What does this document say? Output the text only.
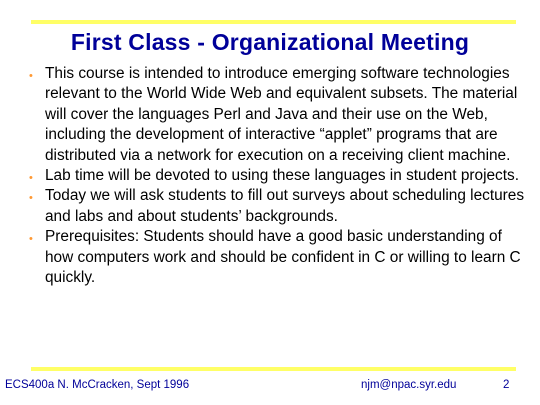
First Class - Organizational Meeting
• This course is intended to introduce emerging software technologies relevant to the World Wide Web and equivalent subsets. The material will cover the languages Perl and Java and their use on the Web, including the development of interactive “applet” programs that are distributed via a network for execution on a receiving client machine.
• Lab time will be devoted to using these languages in student projects.
• Today we will ask students to fill out surveys about scheduling lectures and labs and about students’ backgrounds.
• Prerequisites: Students should have a good basic understanding of how computers work and should be confident in C or willing to learn C quickly.
ECS400a N. McCracken, Sept 1996	njm@npac.syr.edu	2
